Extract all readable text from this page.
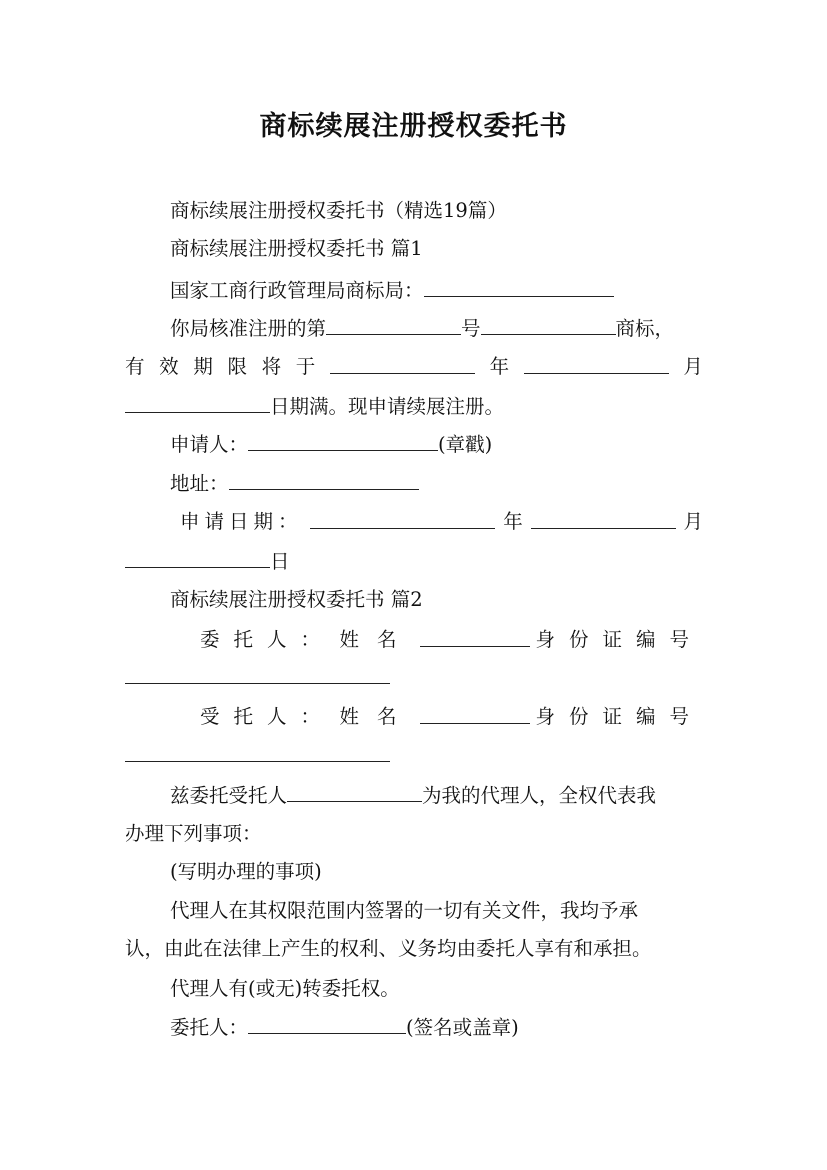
商标续展注册授权委托书
商标续展注册授权委托书（精选19篇）
商标续展注册授权委托书 篇1
国家工商行政管理局商标局：
你局核准注册的第	号	商标，
有 效 期 限 将 于	年	月
日期满。现申请续展注册。
申请人：	(章戳)
地址：
申请日期：	年	月
日
商标续展注册授权委托书 篇2
委托人： 姓名	身份证编号
受托人： 姓名	身份证编号
兹委托受托人	为我的代理人，全权代表我
办理下列事项：
(写明办理的事项)
代理人在其权限范围内签署的一切有关文件，我均予承
认，由此在法律上产生的权利、义务均由委托人享有和承担。
代理人有(或无)转委托权。
委托人：	(签名或盖章)
